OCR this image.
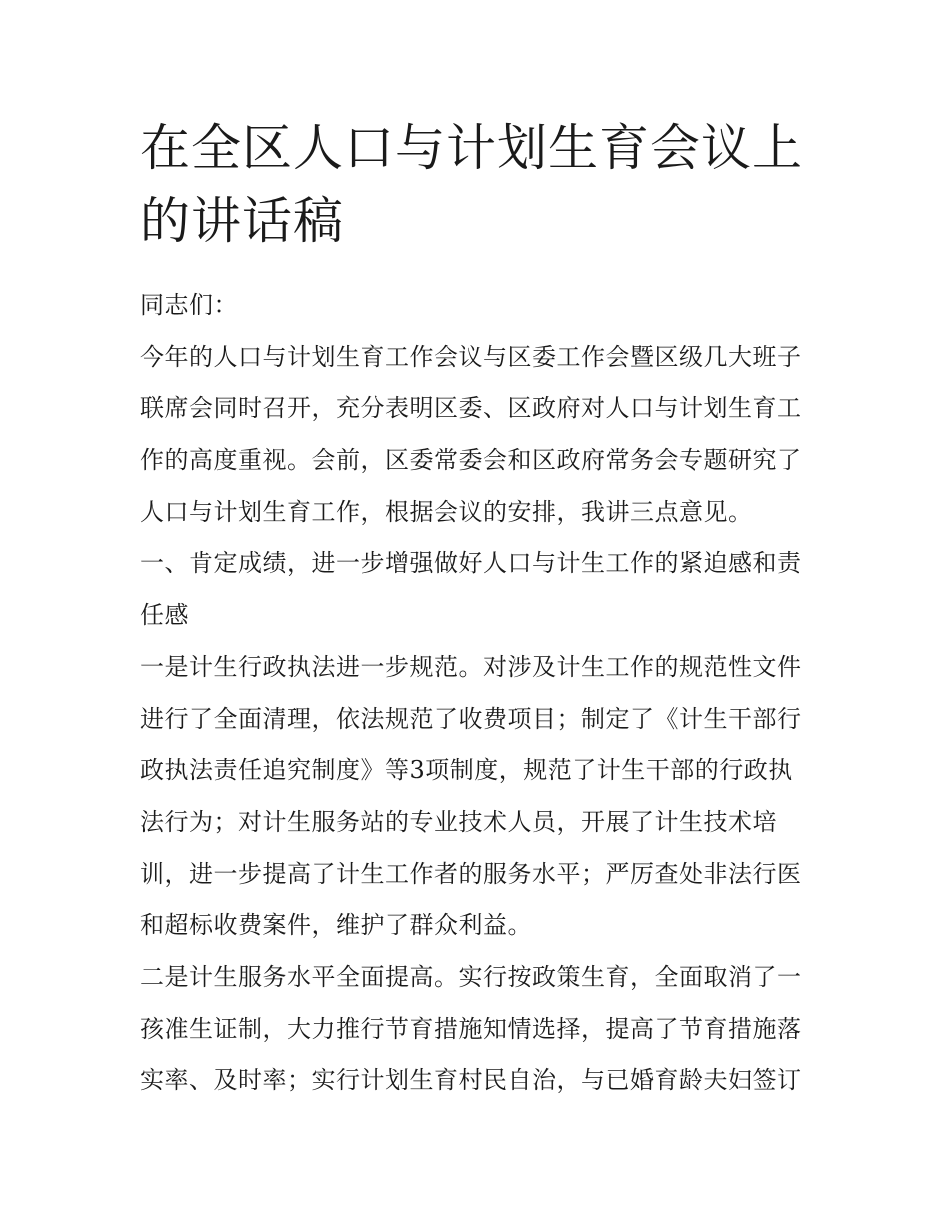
在全区人口与计划生育会议上
的讲话稿
同志们：
今年的人口与计划生育工作会议与区委工作会暨区级几大班子
联席会同时召开，充分表明区委、区政府对人口与计划生育工
作的高度重视。会前，区委常委会和区政府常务会专题研究了
人口与计划生育工作，根据会议的安排，我讲三点意见。
一、肯定成绩，进一步增强做好人口与计生工作的紧迫感和责
任感
一是计生行政执法进一步规范。对涉及计生工作的规范性文件
进行了全面清理，依法规范了收费项目；制定了《计生干部行
政执法责任追究制度》等3项制度，规范了计生干部的行政执
法行为；对计生服务站的专业技术人员，开展了计生技术培
训，进一步提高了计生工作者的服务水平；严厉查处非法行医
和超标收费案件，维护了群众利益。
二是计生服务水平全面提高。实行按政策生育，全面取消了一
孩准生证制，大力推行节育措施知情选择，提高了节育措施落
实率、及时率；实行计划生育村民自治，与已婚育龄夫妇签订
